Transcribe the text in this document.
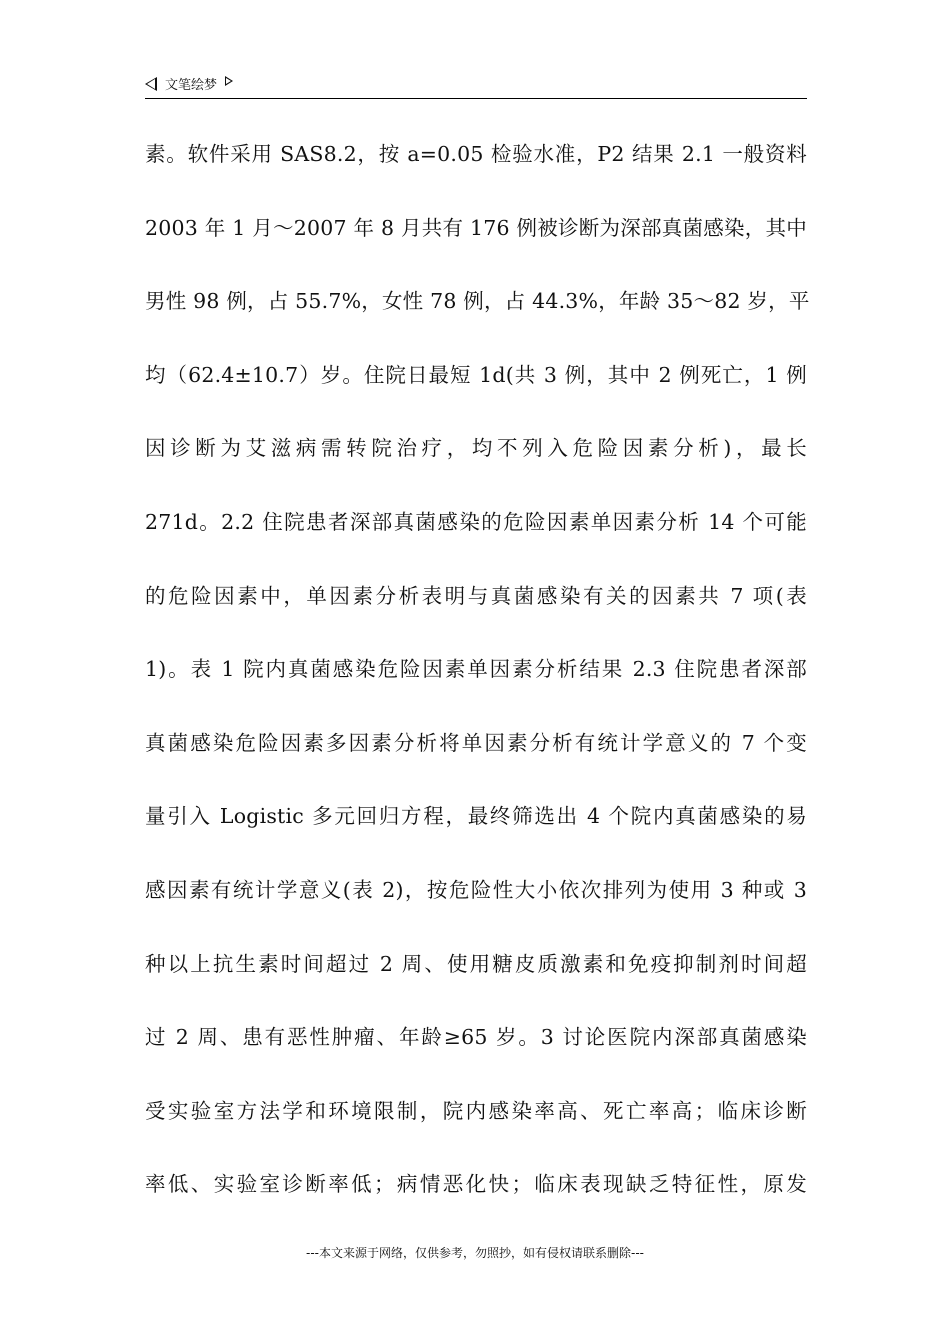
文笔绘梦
素。软件采用 SAS8.2，按 a=0.05 检验水准，P2 结果 2.1 一般资料
2003 年 1 月～2007 年 8 月共有 176 例被诊断为深部真菌感染，其中
男性 98 例，占 55.7%，女性 78 例，占 44.3%，年龄 35～82 岁，平
均（62.4±10.7）岁。住院日最短 1d(共 3 例，其中 2 例死亡，1 例
因诊断为艾滋病需转院治疗，均不列入危险因素分析)，最长
271d。2.2 住院患者深部真菌感染的危险因素单因素分析 14 个可能
的危险因素中，单因素分析表明与真菌感染有关的因素共 7 项(表
1)。表 1 院内真菌感染危险因素单因素分析结果 2.3 住院患者深部
真菌感染危险因素多因素分析将单因素分析有统计学意义的 7 个变
量引入 Logistic 多元回归方程，最终筛选出 4 个院内真菌感染的易
感因素有统计学意义(表 2)，按危险性大小依次排列为使用 3 种或 3
种以上抗生素时间超过 2 周、使用糖皮质激素和免疫抑制剂时间超
过 2 周、患有恶性肿瘤、年龄≥65 岁。3 讨论医院内深部真菌感染
受实验室方法学和环境限制，院内感染率高、死亡率高；临床诊断
率低、实验室诊断率低；病情恶化快；临床表现缺乏特征性，原发
---本文来源于网络，仅供参考，勿照抄，如有侵权请联系删除---
